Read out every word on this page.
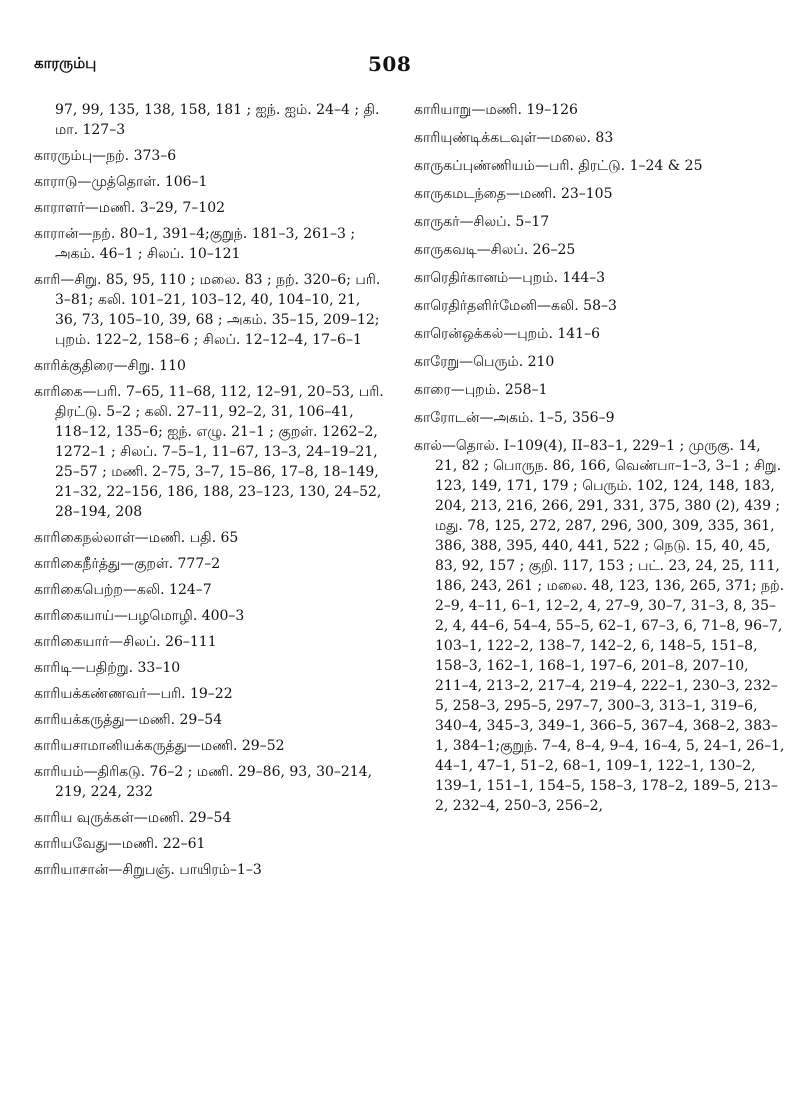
காரரும்பு	508
97, 99, 135, 138, 158, 181 ; ஐந். ஐம். 24–4 ; தி. மா. 127–3
காரரும்பு—நற். 373–6
காராடு—முத்தொள். 106–1
காராளர்—மணி. 3–29, 7–102
காரான்—நற். 80–1, 391–4;குறுந். 181–3, 261–3 ; அகம். 46–1 ; சிலப். 10–121
காரி—சிறு. 85, 95, 110 ; மலை. 83 ; நற். 320–6; பரி. 3–81; கலி. 101–21, 103–12, 40, 104–10, 21, 36, 73, 105–10, 39, 68 ; அகம். 35–15, 209–12; புறம். 122–2, 158–6 ; சிலப். 12–12–4, 17–6–1
காரிக்குதிரை—சிறு. 110
காரிகை—பரி. 7–65, 11–68, 112, 12–91, 20–53, பரி. திரட்டு. 5–2 ; கலி. 27–11, 92–2, 31, 106–41, 118–12, 135–6; ஐந். எழு. 21–1 ; குறள். 1262–2, 1272–1 ; சிலப். 7–5–1, 11–67, 13–3, 24–19–21, 25–57 ; மணி. 2–75, 3–7, 15–86, 17–8, 18–149, 21–32, 22–156, 186, 188, 23–123, 130, 24–52, 28–194, 208
காரிகைநல்லாள்—மணி. பதி. 65
காரிகைநீர்த்து—குறள். 777–2
காரிகைபெற்ற—கலி. 124–7
காரிகையாய்—பழமொழி. 400–3
காரிகையார்—சிலப். 26–111
காரிடி—பதிற்று. 33–10
காரியக்கண்ணவர்—பரி. 19–22
காரியக்கருத்து—மணி. 29–54
காரியசாமானியக்கருத்து—மணி. 29–52
காரியம்—திரிகடு. 76–2 ; மணி. 29–86, 93, 30–214, 219, 224, 232
காரிய வுருக்கள்—மணி. 29–54
காரியவேது—மணி. 22–61
காரியாசான்—சிறுபஞ். பாயிரம்–1–3
காரியாறு—மணி. 19–126
காரியுண்டிக்கடவுள்—மலை. 83
காருகப்புண்ணியம்—பரி. திரட்டு. 1–24 & 25
காருகமடந்தை—மணி. 23–105
காருகர்—சிலப். 5–17
காருகவடி—சிலப். 26–25
காரெதிர்கானம்—புறம். 144–3
காரெதிர்தளிர்மேனி—கலி. 58–3
காரென்ஒக்கல்—புறம். 141–6
காரேறு—பெரும். 210
காரை—புறம். 258–1
காரோடன்—அகம். 1–5, 356–9
கால்—தொல். I–109(4), II–83–1, 229–1 ; முருகு. 14, 21, 82 ; பொருந. 86, 166, வெண்பா–1–3, 3–1 ; சிறு. 123, 149, 171, 179 ; பெரும். 102, 124, 148, 183, 204, 213, 216, 266, 291, 331, 375, 380 (2), 439 ; மது. 78, 125, 272, 287, 296, 300, 309, 335, 361, 386, 388, 395, 440, 441, 522 ; நெடு. 15, 40, 45, 83, 92, 157 ; குறி. 117, 153 ; பட். 23, 24, 25, 111, 186, 243, 261 ; மலை. 48, 123, 136, 265, 371; நற். 2–9, 4–11, 6–1, 12–2, 4, 27–9, 30–7, 31–3, 8, 35–2, 4, 44–6, 54–4, 55–5, 62–1, 67–3, 6, 71–8, 96–7, 103–1, 122–2, 138–7, 142–2, 6, 148–5, 151–8, 158–3, 162–1, 168–1, 197–6, 201–8, 207–10, 211–4, 213–2, 217–4, 219–4, 222–1, 230–3, 232–5, 258–3, 295–5, 297–7, 300–3, 313–1, 319–6, 340–4, 345–3, 349–1, 366–5, 367–4, 368–2, 383–1, 384–1;குறுந். 7–4, 8–4, 9–4, 16–4, 5, 24–1, 26–1, 44–1, 47–1, 51–2, 68–1, 109–1, 122–1, 130–2, 139–1, 151–1, 154–5, 158–3, 178–2, 189–5, 213–2, 232–4, 250–3, 256–2,
